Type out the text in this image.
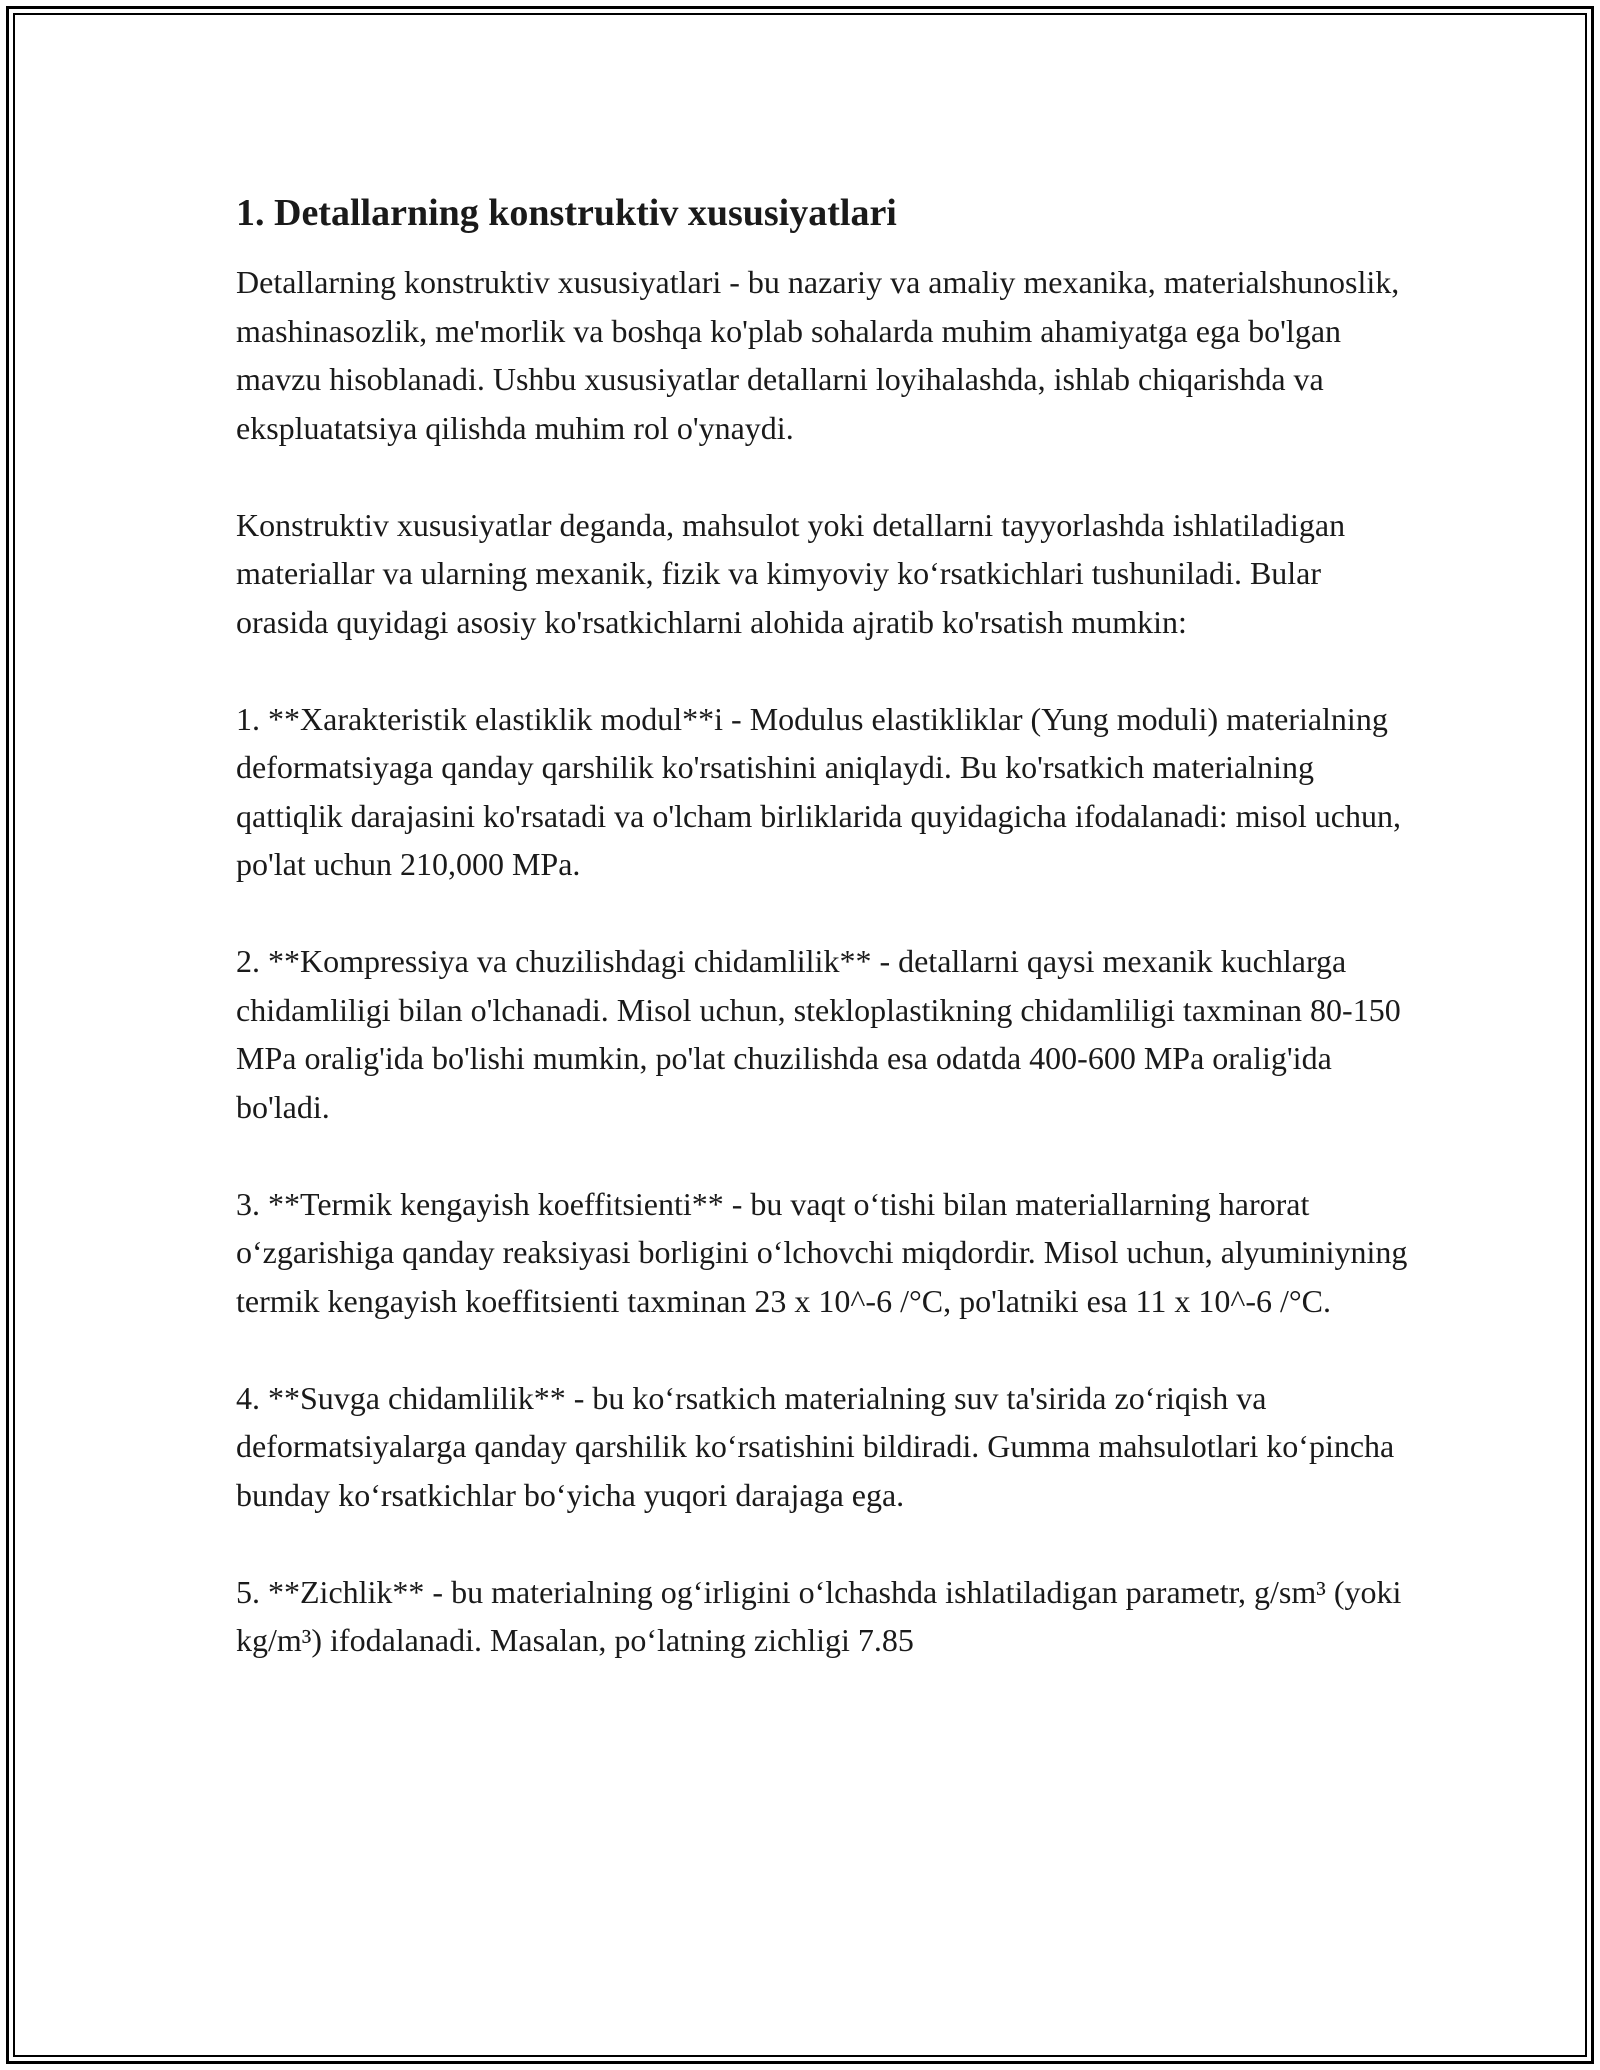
1. Detallarning konstruktiv xususiyatlari

Detallarning konstruktiv xususiyatlari - bu nazariy va amaliy mexanika, materialshunoslik, mashinasozlik, me'morlik va boshqa ko'plab sohalarda muhim ahamiyatga ega bo'lgan mavzu hisoblanadi. Ushbu xususiyatlar detallarni loyihalashda, ishlab chiqarishda va ekspluatatsiya qilishda muhim rol o'ynaydi.

Konstruktiv xususiyatlar deganda, mahsulot yoki detallarni tayyorlashda ishlatiladigan materiallar va ularning mexanik, fizik va kimyoviy koʻrsatkichlari tushuniladi. Bular orasida quyidagi asosiy ko'rsatkichlarni alohida ajratib ko'rsatish mumkin:

1. **Xarakteristik elastiklik modul**i - Modulus elastikliklar (Yung moduli) materialning deformatsiyaga qanday qarshilik ko'rsatishini aniqlaydi. Bu ko'rsatkich materialning qattiqlik darajasini ko'rsatadi va o'lcham birliklarida quyidagicha ifodalanadi: misol uchun, po'lat uchun 210,000 MPa.

2. **Kompressiya va chuzilishdagi chidamlilik** - detallarni qaysi mexanik kuchlarga chidamliligi bilan o'lchanadi. Misol uchun, stekloplastikning chidamliligi taxminan 80-150 MPa oralig'ida bo'lishi mumkin, po'lat chuzilishda esa odatda 400-600 MPa oralig'ida bo'ladi.

3. **Termik kengayish koeffitsienti** - bu vaqt oʻtishi bilan materiallarning harorat oʻzgarishiga qanday reaksiyasi borligini oʻlchovchi miqdordir. Misol uchun, alyuminiyning termik kengayish koeffitsienti taxminan 23 x 10^-6 /°C, po'latniki esa 11 x 10^-6 /°C.

4. **Suvga chidamlilik** - bu koʻrsatkich materialning suv ta'sirida zoʻriqish va deformatsiyalarga qanday qarshilik koʻrsatishini bildiradi. Gumma mahsulotlari koʻpincha bunday koʻrsatkichlar boʻyicha yuqori darajaga ega.

5. **Zichlik** - bu materialning ogʻirligini oʻlchashda ishlatiladigan parametr, g/sm³ (yoki kg/m³) ifodalanadi. Masalan, poʻlatning zichligi 7.85
